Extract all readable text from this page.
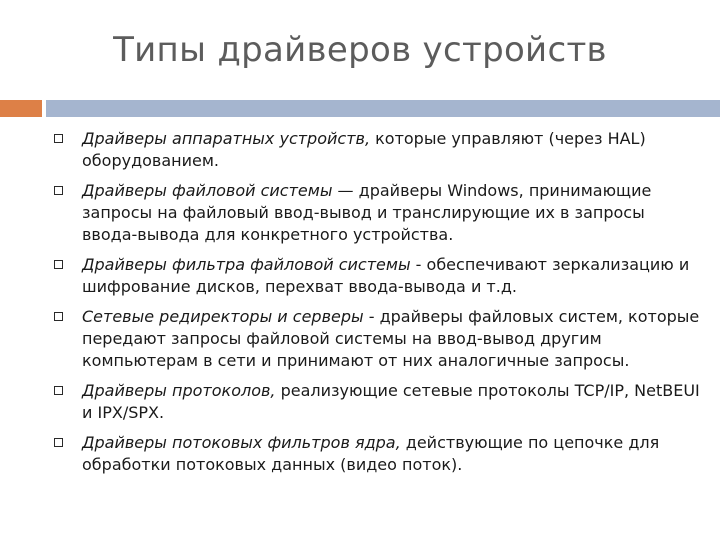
Типы драйверов устройств
Драйверы аппаратных устройств, которые управляют (через HAL) оборудованием.
Драйверы файловой системы — драйверы Windows, принимающие запросы на файловый ввод-вывод и транслирующие их в запросы ввода-вывода для конкретного устройства.
Драйверы фильтра файловой системы - обеспечивают зеркализацию и шифрование дисков, перехват ввода-вывода и т.д.
Сетевые редиректоры и серверы - драйверы файловых систем, которые передают запросы файловой системы на ввод-вывод другим компьютерам в сети и принимают от них аналогичные запросы.
Драйверы протоколов, реализующие сетевые протоколы TCP/IP, NetBEUI и IPX/SPX.
Драйверы потоковых фильтров ядра, действующие по цепочке для обработки потоковых данных (видео поток).
